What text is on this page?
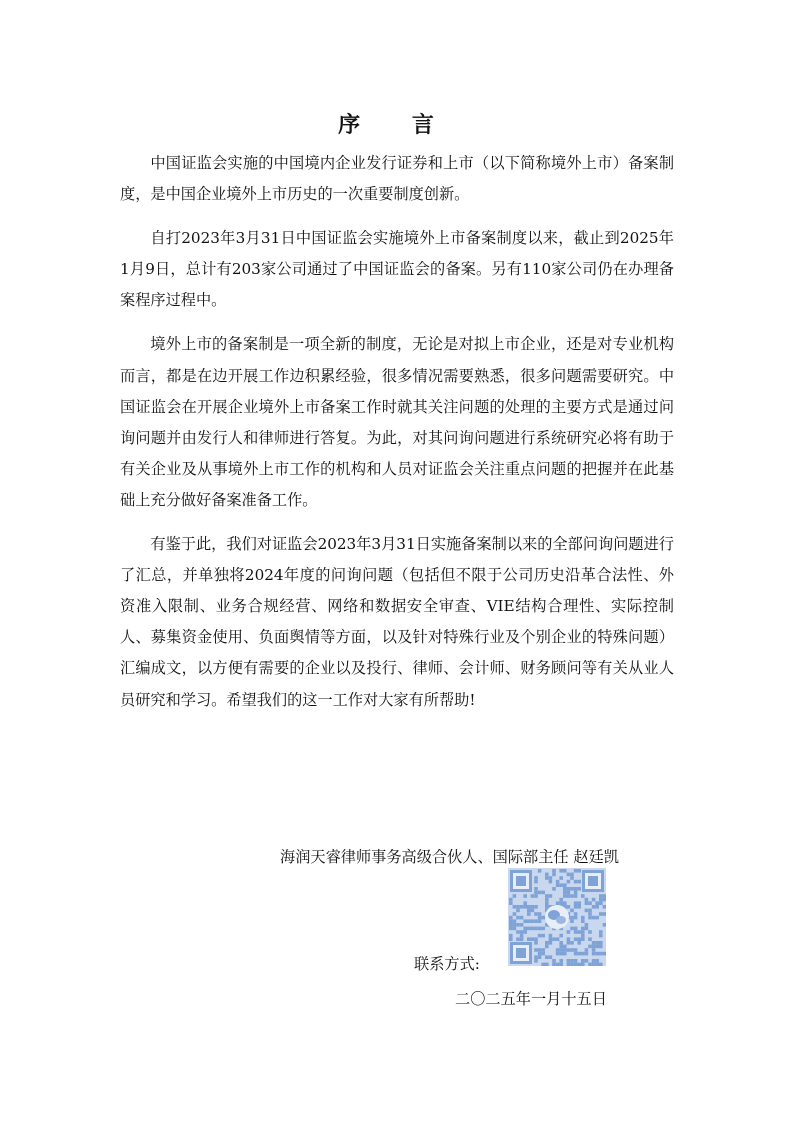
序 言

中国证监会实施的中国境内企业发行证券和上市（以下简称境外上市）备案制度，是中国企业境外上市历史的一次重要制度创新。

自打2023年3月31日中国证监会实施境外上市备案制度以来，截止到2025年1月9日，总计有203家公司通过了中国证监会的备案。另有110家公司仍在办理备案程序过程中。

境外上市的备案制是一项全新的制度，无论是对拟上市企业，还是对专业机构而言，都是在边开展工作边积累经验，很多情况需要熟悉，很多问题需要研究。中国证监会在开展企业境外上市备案工作时就其关注问题的处理的主要方式是通过问询问题并由发行人和律师进行答复。为此，对其问询问题进行系统研究必将有助于有关企业及从事境外上市工作的机构和人员对证监会关注重点问题的把握并在此基础上充分做好备案准备工作。

有鉴于此，我们对证监会2023年3月31日实施备案制以来的全部问询问题进行了汇总，并单独将2024年度的问询问题（包括但不限于公司历史沿革合法性、外资准入限制、业务合规经营、网络和数据安全审查、VIE结构合理性、实际控制人、募集资金使用、负面舆情等方面，以及针对特殊行业及个别企业的特殊问题）汇编成文，以方便有需要的企业以及投行、律师、会计师、财务顾问等有关从业人员研究和学习。希望我们的这一工作对大家有所帮助!

海润天睿律师事务高级合伙人、国际部主任 赵廷凯
联系方式:
二〇二五年一月十五日
